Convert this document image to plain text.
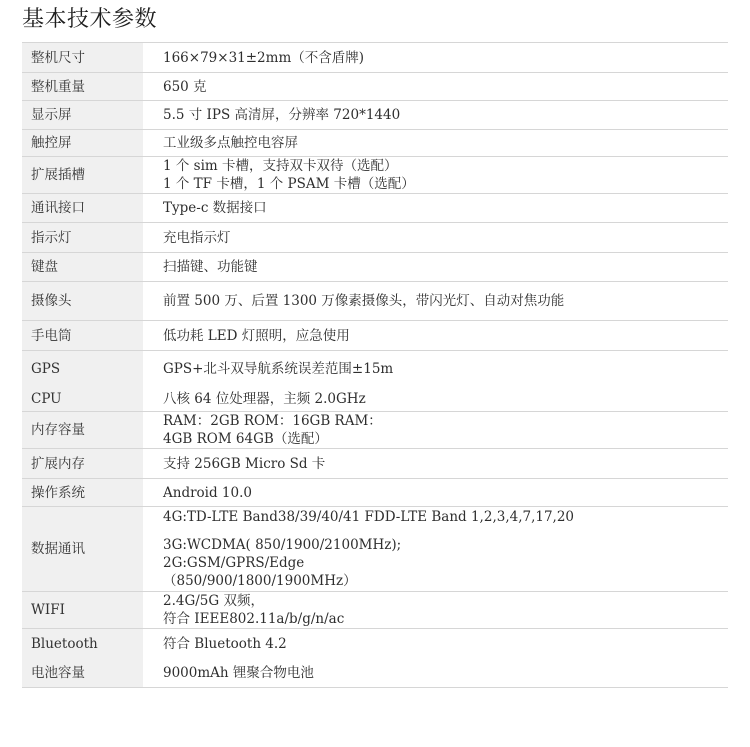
基本技术参数
整机尺寸		166×79×31±2mm（不含盾牌)

整机重量		650 克

显示屏		5.5 寸 IPS 高清屏，分辨率 720*1440

触控屏		工业级多点触控电容屏

扩展插槽		1 个 sim 卡槽，支持双卡双待（选配）
1 个 TF 卡槽，1 个 PSAM 卡槽（选配）

通讯接口		Type-c 数据接口

指示灯		充电指示灯

键盘		扫描键、功能键

摄像头		前置 500 万、后置 1300 万像素摄像头，带闪光灯、自动对焦功能

手电筒		低功耗 LED 灯照明，应急使用

GPS		GPS+北斗双导航系统误差范围±15m

CPU		八核 64 位处理器，主频 2.0GHz

内存容量		RAM：2GB ROM：16GB RAM：
4GB ROM 64GB（选配）

扩展内存		支持 256GB Micro Sd 卡

操作系统		Android 10.0

数据通讯		4G:TD-LTE Band38/39/40/41 FDD-LTE Band 1,2,3,4,7,17,20
3G:WCDMA( 850/1900/2100MHz);
2G:GSM/GPRS/Edge
（850/900/1800/1900MHz）

WIFI		2.4G/5G 双频，
符合 IEEE802.11a/b/g/n/ac

Bluetooth		符合 Bluetooth 4.2

电池容量		9000mAh 锂聚合物电池
